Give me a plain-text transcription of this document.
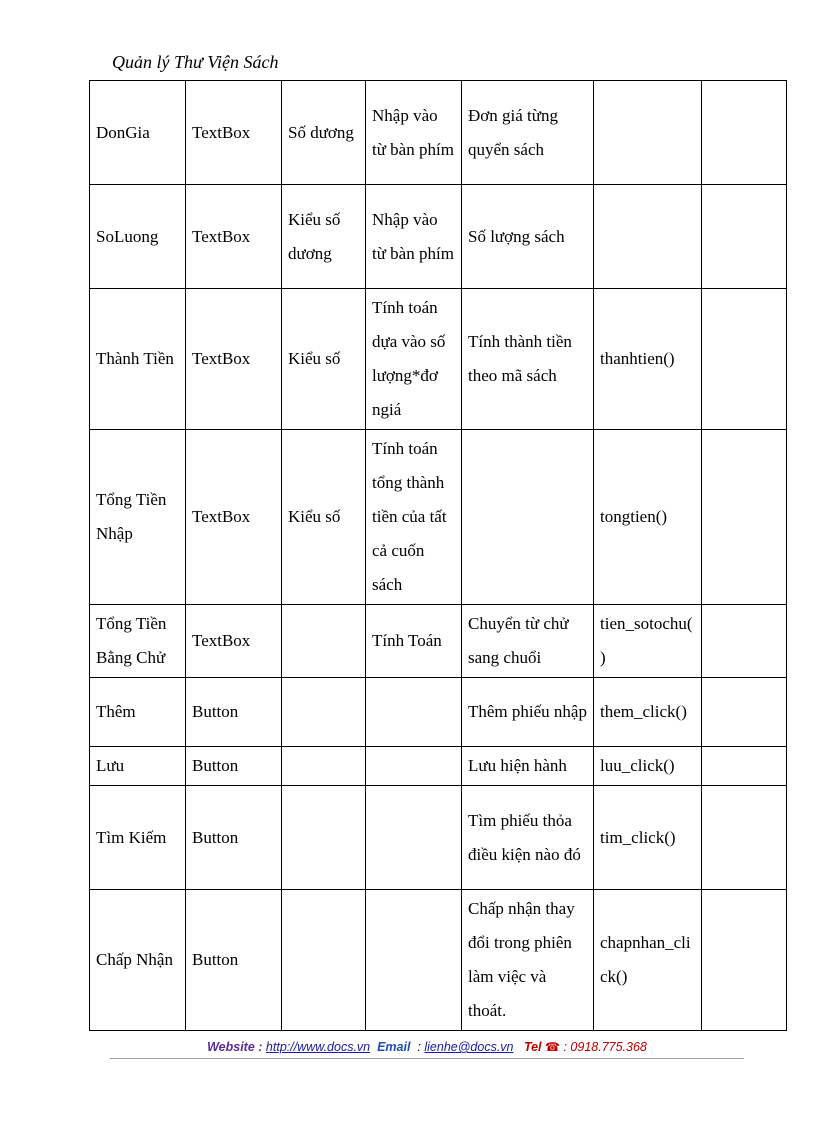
Quản lý Thư Viện Sách
DonGia	TextBox	Số dương	Nhập vào từ bàn phím	Đơn giá từng quyển sách		
SoLuong	TextBox	Kiểu số dương	Nhập vào từ bàn phím	Số lượng sách		
Thành Tiền	TextBox	Kiểu số	Tính toán dựa vào số lượng*đơ ngiá	Tính thành tiền theo mã sách	thanhtien()	
Tổng Tiền Nhập	TextBox	Kiểu số	Tính toán tổng thành tiền của tất cả cuốn sách		tongtien()	
Tổng Tiền Bằng Chử	TextBox		Tính Toán	Chuyển từ chử sang chuổi	tien_sotochu()	
Thêm	Button			Thêm phiếu nhập	them_click()	
Lưu	Button			Lưu hiện hành	luu_click()	
Tìm Kiếm	Button			Tìm phiếu thỏa điều kiện nào đó	tim_click()	
Chấp Nhận	Button			Chấp nhận thay đổi trong phiên làm việc và thoát.	chapnhan_click()	
Website : http://www.docs.vn Email : lienhe@docs.vn Tel ☎ : 0918.775.368
